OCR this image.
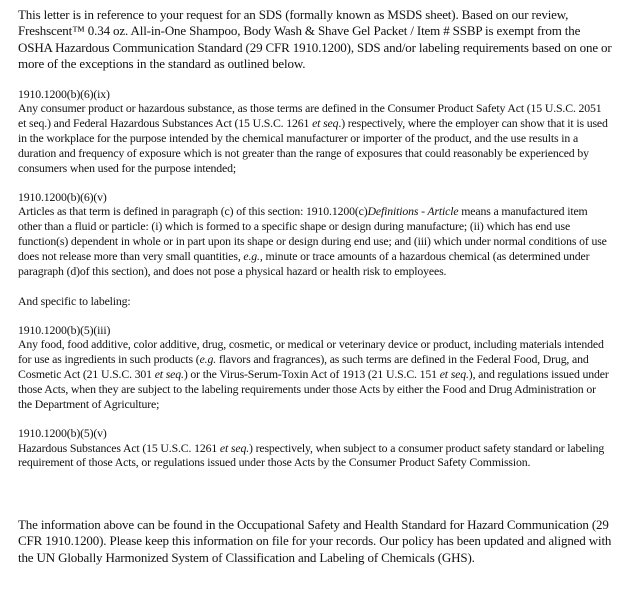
This letter is in reference to your request for an SDS (formally known as MSDS sheet). Based on our review, Freshscent™ 0.34 oz. All-in-One Shampoo, Body Wash & Shave Gel Packet / Item # SSBP is exempt from the OSHA Hazardous Communication Standard (29 CFR 1910.1200), SDS and/or labeling requirements based on one or more of the exceptions in the standard as outlined below.

1910.1200(b)(6)(ix)

Any consumer product or hazardous substance, as those terms are defined in the Consumer Product Safety Act (15 U.S.C. 2051 et seq.) and Federal Hazardous Substances Act (15 U.S.C. 1261 et seq.) respectively, where the employer can show that it is used in the workplace for the purpose intended by the chemical manufacturer or importer of the product, and the use results in a duration and frequency of exposure which is not greater than the range of exposures that could reasonably be experienced by consumers when used for the purpose intended;

1910.1200(b)(6)(v)

Articles as that term is defined in paragraph (c) of this section: 1910.1200(c)Definitions - Article means a manufactured item other than a fluid or particle: (i) which is formed to a specific shape or design during manufacture; (ii) which has end use function(s) dependent in whole or in part upon its shape or design during end use; and (iii) which under normal conditions of use does not release more than very small quantities, e.g., minute or trace amounts of a hazardous chemical (as determined under paragraph (d)of this section), and does not pose a physical hazard or health risk to employees.

And specific to labeling:

1910.1200(b)(5)(iii)

Any food, food additive, color additive, drug, cosmetic, or medical or veterinary device or product, including materials intended for use as ingredients in such products (e.g. flavors and fragrances), as such terms are defined in the Federal Food, Drug, and Cosmetic Act (21 U.S.C. 301 et seq.) or the Virus-Serum-Toxin Act of 1913 (21 U.S.C. 151 et seq.), and regulations issued under those Acts, when they are subject to the labeling requirements under those Acts by either the Food and Drug Administration or the Department of Agriculture;

1910.1200(b)(5)(v)

Hazardous Substances Act (15 U.S.C. 1261 et seq.) respectively, when subject to a consumer product safety standard or labeling requirement of those Acts, or regulations issued under those Acts by the Consumer Product Safety Commission.

The information above can be found in the Occupational Safety and Health Standard for Hazard Communication (29 CFR 1910.1200). Please keep this information on file for your records. Our policy has been updated and aligned with the UN Globally Harmonized System of Classification and Labeling of Chemicals (GHS).
